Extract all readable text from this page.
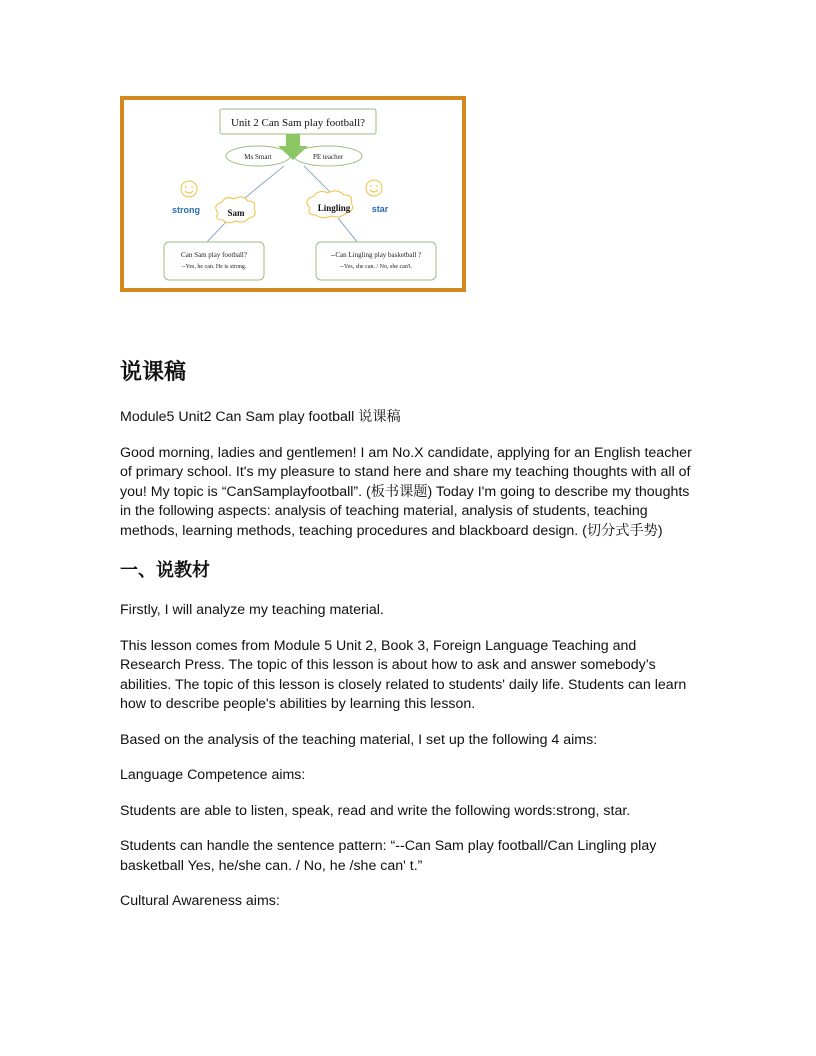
Unit 2 Can Sam play football?
Ms Smart	PE teacher
strong	star
Sam	Lingling
Can Sam play football?
--Yes, he can. He is strong.
--Can Lingling play basketball ?
--Yes, she can. / No, she can't.
说课稿

Module5 Unit2 Can Sam play football 说课稿

Good morning, ladies and gentlemen! I am No.X candidate, applying for an English teacher of primary school. It's my pleasure to stand here and share my teaching thoughts with all of you! My topic is “CanSamplayfootball”. (板书课题) Today I'm going to describe my thoughts in the following aspects: analysis of teaching material, analysis of students, teaching methods, learning methods, teaching procedures and blackboard design. (切分式手势)

一、说教材

Firstly, I will analyze my teaching material.

This lesson comes from Module 5 Unit 2, Book 3, Foreign Language Teaching and Research Press. The topic of this lesson is about how to ask and answer somebody’s abilities. The topic of this lesson is closely related to students' daily life. Students can learn how to describe people's abilities by learning this lesson.

Based on the analysis of the teaching material, I set up the following 4 aims:

Language Competence aims:

Students are able to listen, speak, read and write the following words:strong, star.

Students can handle the sentence pattern: “--Can Sam play football/Can Lingling play basketball Yes, he/she can. / No, he /she can' t.”

Cultural Awareness aims:
